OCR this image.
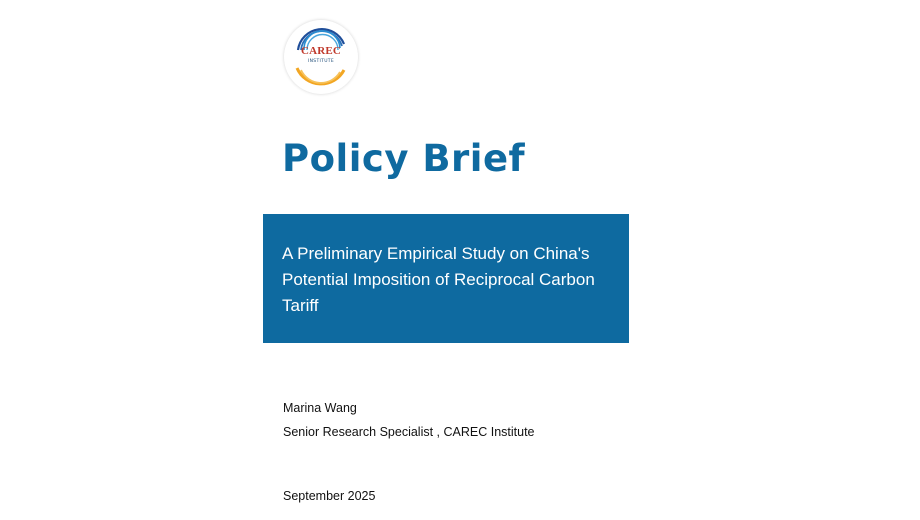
CAREC
INSTITUTE
Policy Brief

A Preliminary Empirical Study on China's Potential Imposition of Reciprocal Carbon Tariff

Marina Wang

Senior Research Specialist , CAREC Institute

September 2025
